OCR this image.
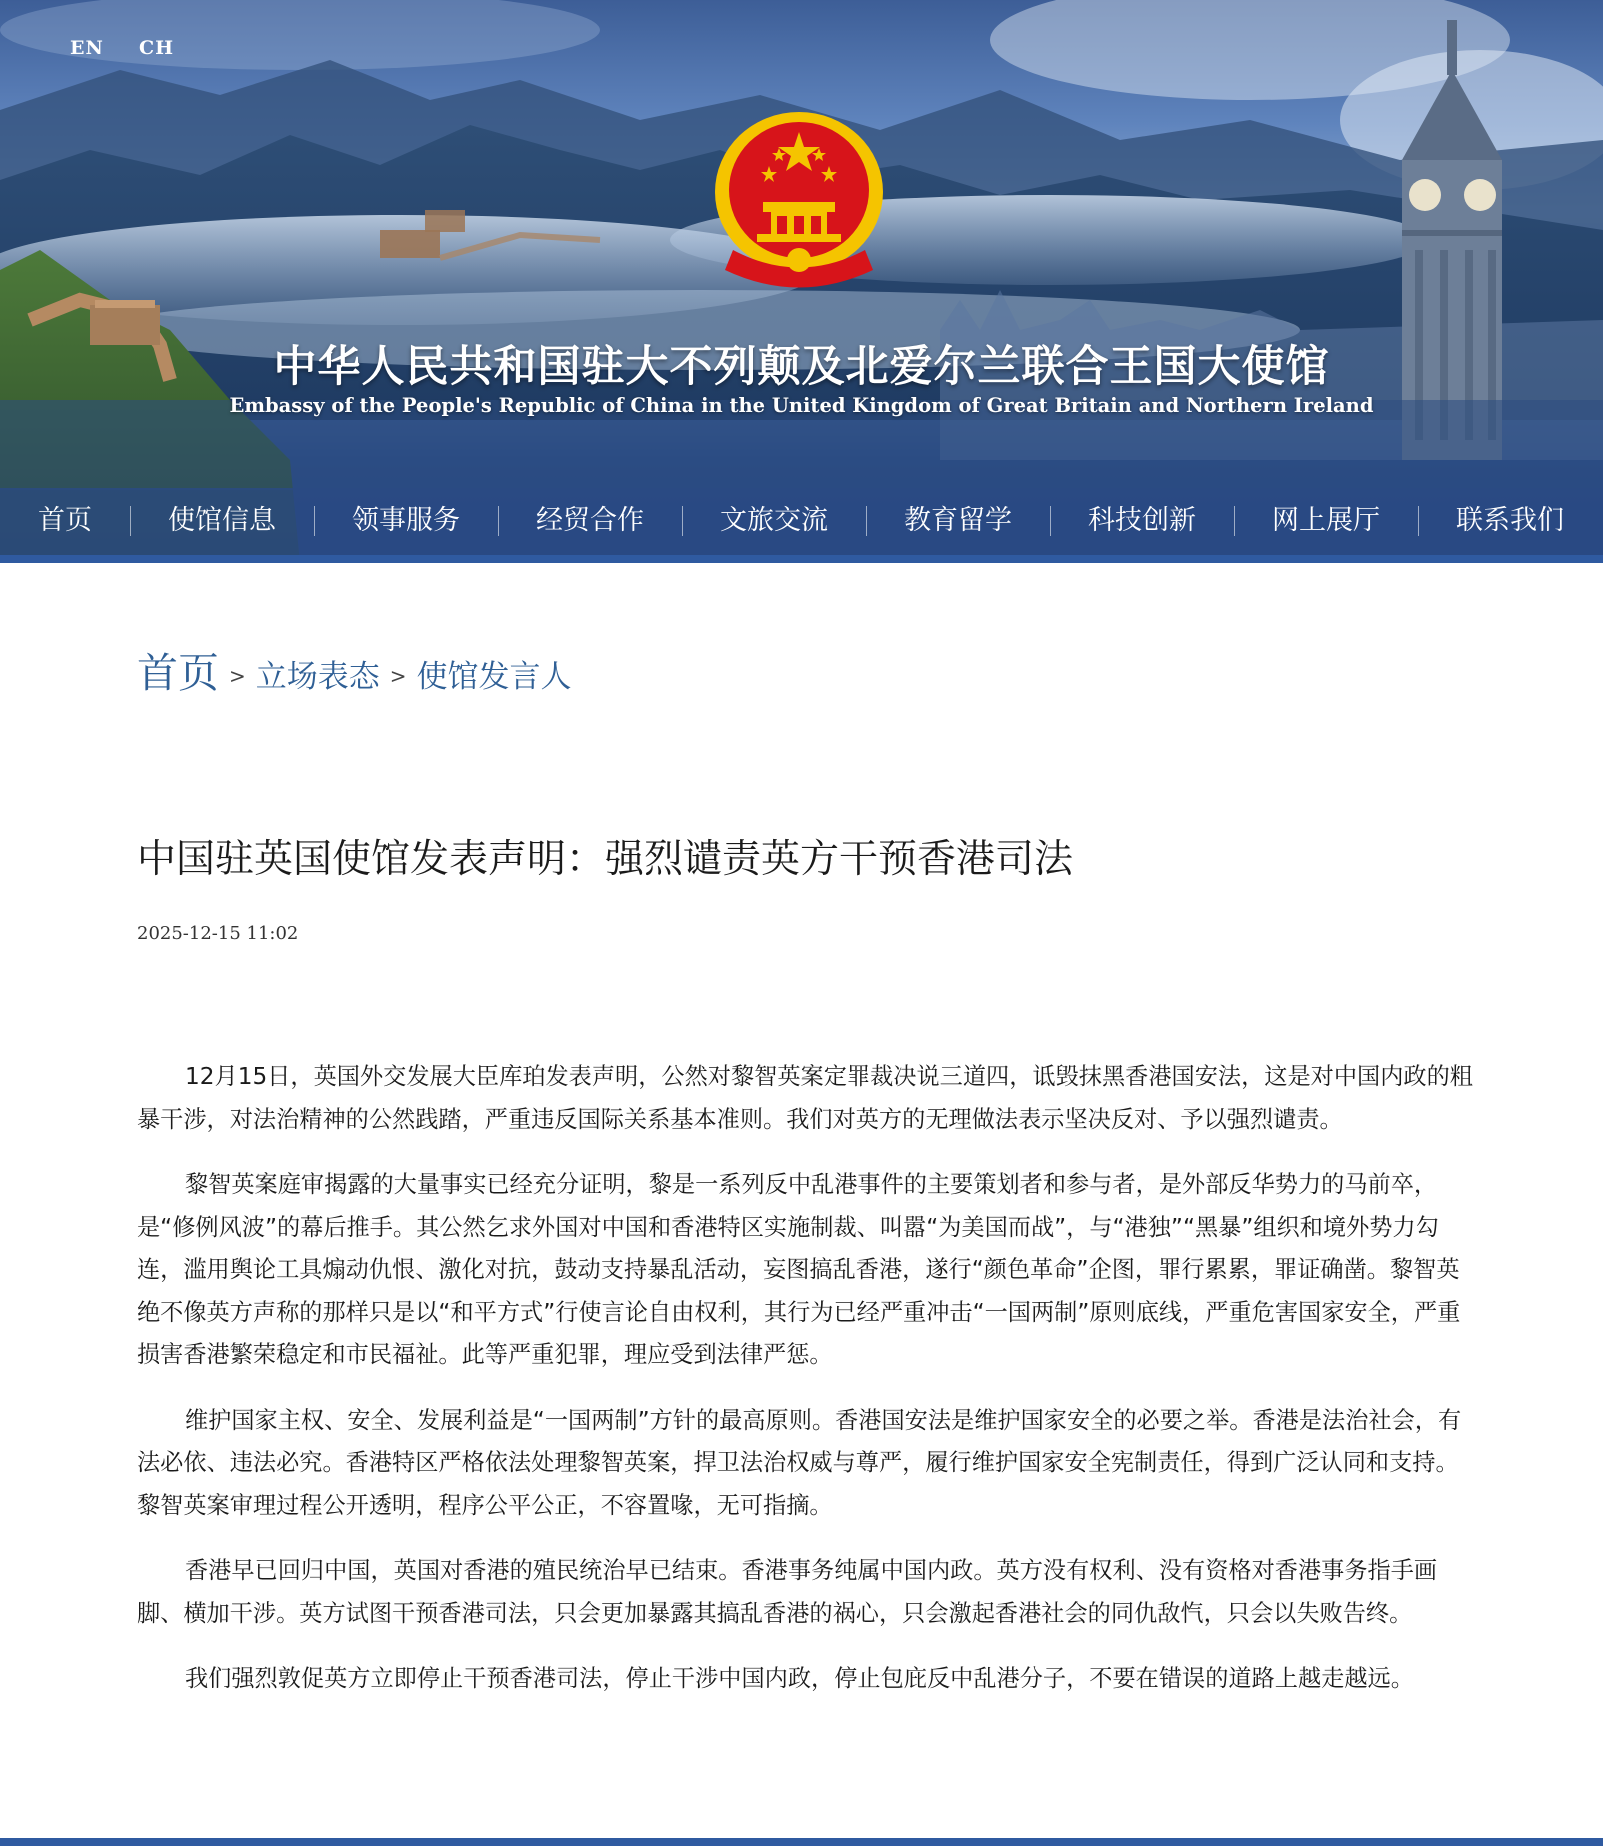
EN CH
中华人民共和国驻大不列颠及北爱尔兰联合王国大使馆
Embassy of the People's Republic of China in the United Kingdom of Great Britain and Northern Ireland
首页	使馆信息	领事服务	经贸合作	文旅交流	教育留学	科技创新	网上展厅	联系我们
首页 > 立场表态 > 使馆发言人
中国驻英国使馆发表声明：强烈谴责英方干预香港司法
2025-12-15 11:02

12月15日，英国外交发展大臣库珀发表声明，公然对黎智英案定罪裁决说三道四，诋毁抹黑香港国安法，这是对中国内政的粗暴干涉，对法治精神的公然践踏，严重违反国际关系基本准则。我们对英方的无理做法表示坚决反对、予以强烈谴责。

黎智英案庭审揭露的大量事实已经充分证明，黎是一系列反中乱港事件的主要策划者和参与者，是外部反华势力的马前卒，是“修例风波”的幕后推手。其公然乞求外国对中国和香港特区实施制裁、叫嚣“为美国而战”，与“港独”“黑暴”组织和境外势力勾连，滥用舆论工具煽动仇恨、激化对抗，鼓动支持暴乱活动，妄图搞乱香港，遂行“颜色革命”企图，罪行累累，罪证确凿。黎智英绝不像英方声称的那样只是以“和平方式”行使言论自由权利，其行为已经严重冲击“一国两制”原则底线，严重危害国家安全，严重损害香港繁荣稳定和市民福祉。此等严重犯罪，理应受到法律严惩。

维护国家主权、安全、发展利益是“一国两制”方针的最高原则。香港国安法是维护国家安全的必要之举。香港是法治社会，有法必依、违法必究。香港特区严格依法处理黎智英案，捍卫法治权威与尊严，履行维护国家安全宪制责任，得到广泛认同和支持。黎智英案审理过程公开透明，程序公平公正，不容置喙，无可指摘。

香港早已回归中国，英国对香港的殖民统治早已结束。香港事务纯属中国内政。英方没有权利、没有资格对香港事务指手画脚、横加干涉。英方试图干预香港司法，只会更加暴露其搞乱香港的祸心，只会激起香港社会的同仇敌忾，只会以失败告终。

我们强烈敦促英方立即停止干预香港司法，停止干涉中国内政，停止包庇反中乱港分子，不要在错误的道路上越走越远。
